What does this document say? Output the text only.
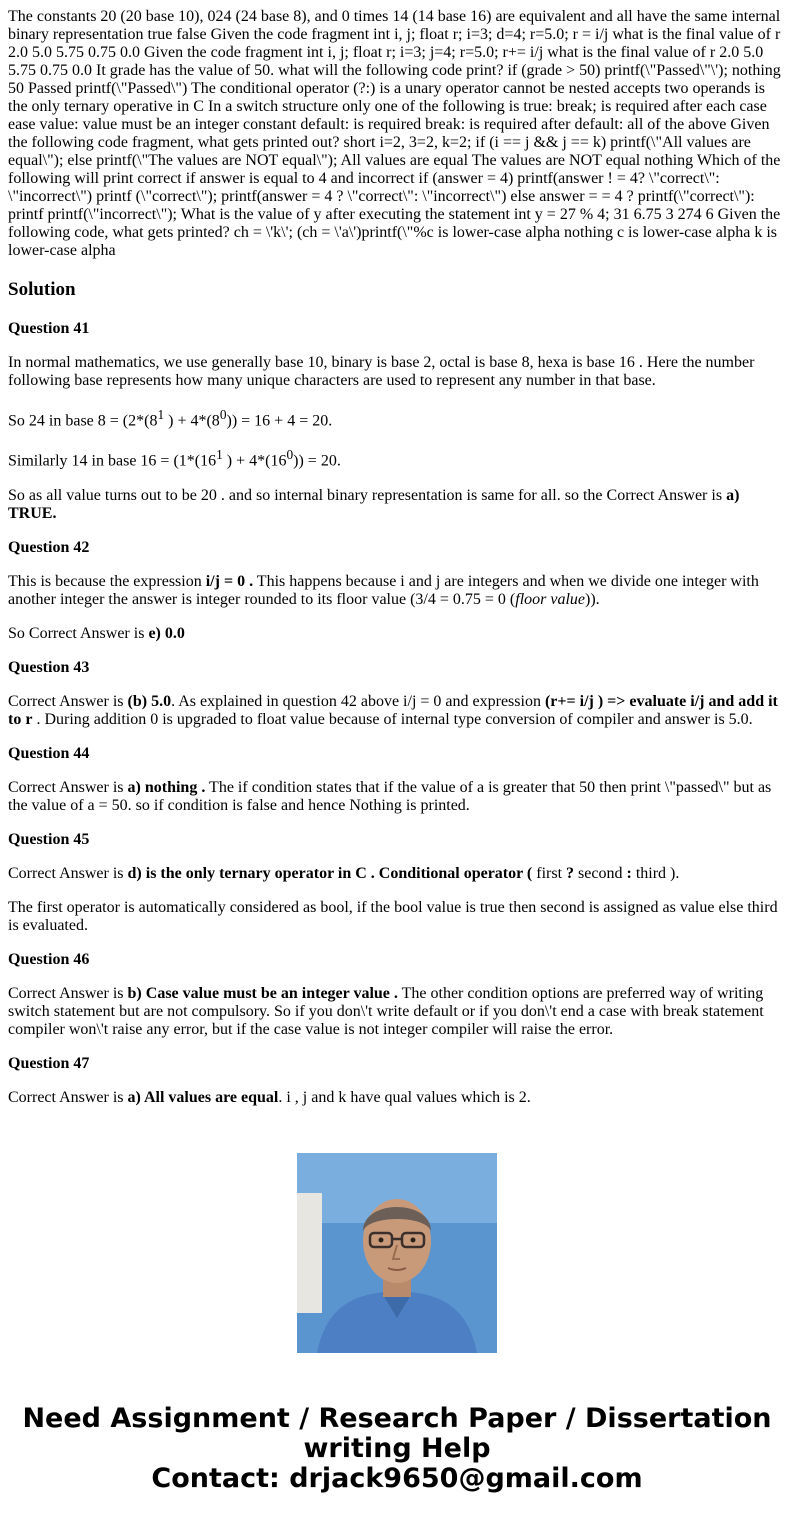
The constants 20 (20 base 10), 024 (24 base 8), and 0 times 14 (14 base 16) are equivalent and all have the same internal binary representation true false Given the code fragment int i, j; float r; i=3; d=4; r=5.0; r = i/j what is the final value of r 2.0 5.0 5.75 0.75 0.0 Given the code fragment int i, j; float r; i=3; j=4; r=5.0; r+= i/j what is the final value of r 2.0 5.0 5.75 0.75 0.0 It grade has the value of 50. what will the following code print? if (grade > 50) printf(\"Passed\"\'); nothing 50 Passed printf(\"Passed\") The conditional operator (?:) is a unary operator cannot be nested accepts two operands is the only ternary operative in C In a switch structure only one of the following is true: break; is required after each case ease value: value must be an integer constant default: is required break: is required after default: all of the above Given the following code fragment, what gets printed out? short i=2, 3=2, k=2; if (i == j && j == k) printf(\"All values are equal\"); else printf(\"The values are NOT equal\"); All values are equal The values are NOT equal nothing Which of the following will print correct if answer is equal to 4 and incorrect if (answer = 4) printf(answer ! = 4? \"correct\": \"incorrect\") printf (\"correct\"); printf(answer = 4 ? \"correct\": \"incorrect\") else answer = = 4 ? printf(\"correct\"): printf printf(\"incorrect\"); What is the value of y after executing the statement int y = 27 % 4; 31 6.75 3 274 6 Given the following code, what gets printed? ch = \'k\'; (ch = \'a\')printf(\"%c is lower-case alpha nothing c is lower-case alpha k is lower-case alpha

Solution

Question 41

In normal mathematics, we use generally base 10, binary is base 2, octal is base 8, hexa is base 16 . Here the number following base represents how many unique characters are used to represent any number in that base.

So 24 in base $8 = (2*(8^1$ ) + $4*(8^0)) = 16 + 4 = 20$.

Similarly 14 in base $16 = (1*(16^1$ ) + $4*(16^0)) = 20$.

So as all value turns out to be 20 . and so internal binary representation is same for all. so the Correct Answer is a) TRUE.

Question 42

This is because the expression i/j = 0 . This happens because i and j are integers and when we divide one integer with another integer the answer is integer rounded to its floor value (3/4 = 0.75 = 0 (floor value)).

So Correct Answer is e) 0.0

Question 43

Correct Answer is (b) 5.0. As explained in question 42 above i/j = 0 and expression (r+= i/j ) => evaluate i/j and add it to r . During addition 0 is upgraded to float value because of internal type conversion of compiler and answer is 5.0.

Question 44

Correct Answer is a) nothing . The if condition states that if the value of a is greater that 50 then print \"passed\" but as the value of a = 50. so if condition is false and hence Nothing is printed.

Question 45

Correct Answer is d) is the only ternary operator in C . Conditional operator ( first ? second : third ).

The first operator is automatically considered as bool, if the bool value is true then second is assigned as value else third is evaluated.

Question 46

Correct Answer is b) Case value must be an integer value . The other condition options are preferred way of writing switch statement but are not compulsory. So if you don\'t write default or if you don\'t end a case with break statement compiler won\'t raise any error, but if the case value is not integer compiler will raise the error.

Question 47

Correct Answer is a) All values are equal. i , j and k have qual values which is 2.

Need Assignment / Research Paper / Dissertation
writing Help
Contact: drjack9650@gmail.com
